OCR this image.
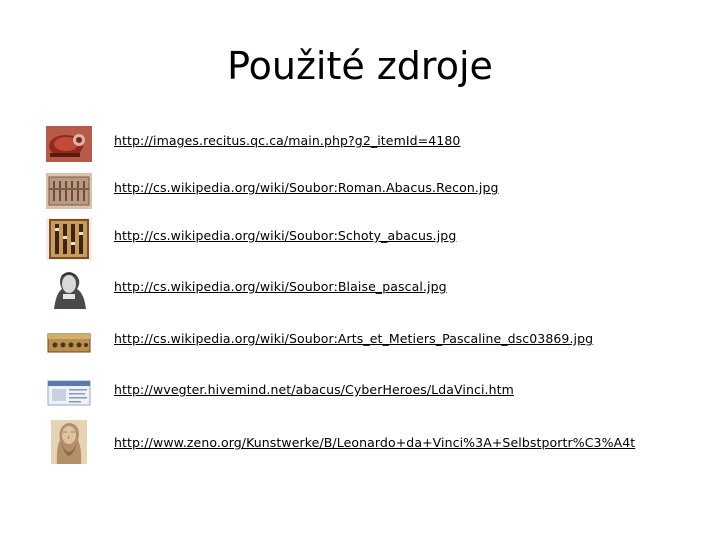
Použité zdroje
http://images.recitus.qc.ca/main.php?g2_itemId=4180
http://cs.wikipedia.org/wiki/Soubor:Roman.Abacus.Recon.jpg
http://cs.wikipedia.org/wiki/Soubor:Schoty_abacus.jpg
http://cs.wikipedia.org/wiki/Soubor:Blaise_pascal.jpg
http://cs.wikipedia.org/wiki/Soubor:Arts_et_Metiers_Pascaline_dsc03869.jpg
http://wvegter.hivemind.net/abacus/CyberHeroes/LdaVinci.htm
http://www.zeno.org/Kunstwerke/B/Leonardo+da+Vinci%3A+Selbstportr%C3%A4t
